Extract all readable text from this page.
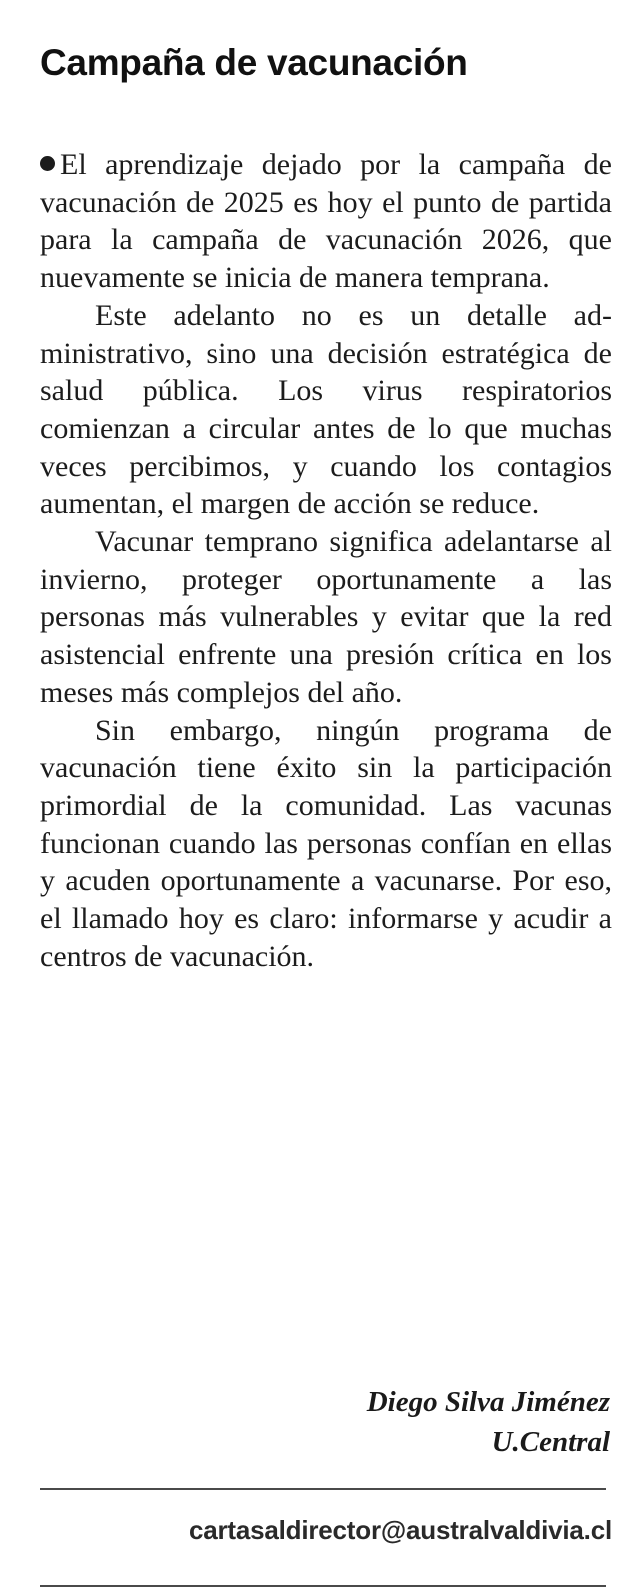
Campaña de vacunación

El aprendizaje dejado por la campaña de vacunación de 2025 es hoy el punto de partida para la campaña de vacunación 2026, que nuevamente se inicia de manera temprana.

Este adelanto no es un detalle administrativo, sino una decisión estratégica de salud pública. Los virus respiratorios comienzan a circular antes de lo que muchas veces percibimos, y cuando los contagios aumentan, el margen de acción se reduce.

Vacunar temprano significa adelantarse al invierno, proteger oportunamente a las personas más vulnerables y evitar que la red asistencial enfrente una presión crítica en los meses más complejos del año.

Sin embargo, ningún programa de vacunación tiene éxito sin la participación primordial de la comunidad. Las vacunas funcionan cuando las personas confían en ellas y acuden oportunamente a vacunarse. Por eso, el llamado hoy es claro: informarse y acudir a centros de vacunación.

Diego Silva Jiménez
U.Central
cartasaldirector@australvaldivia.cl
